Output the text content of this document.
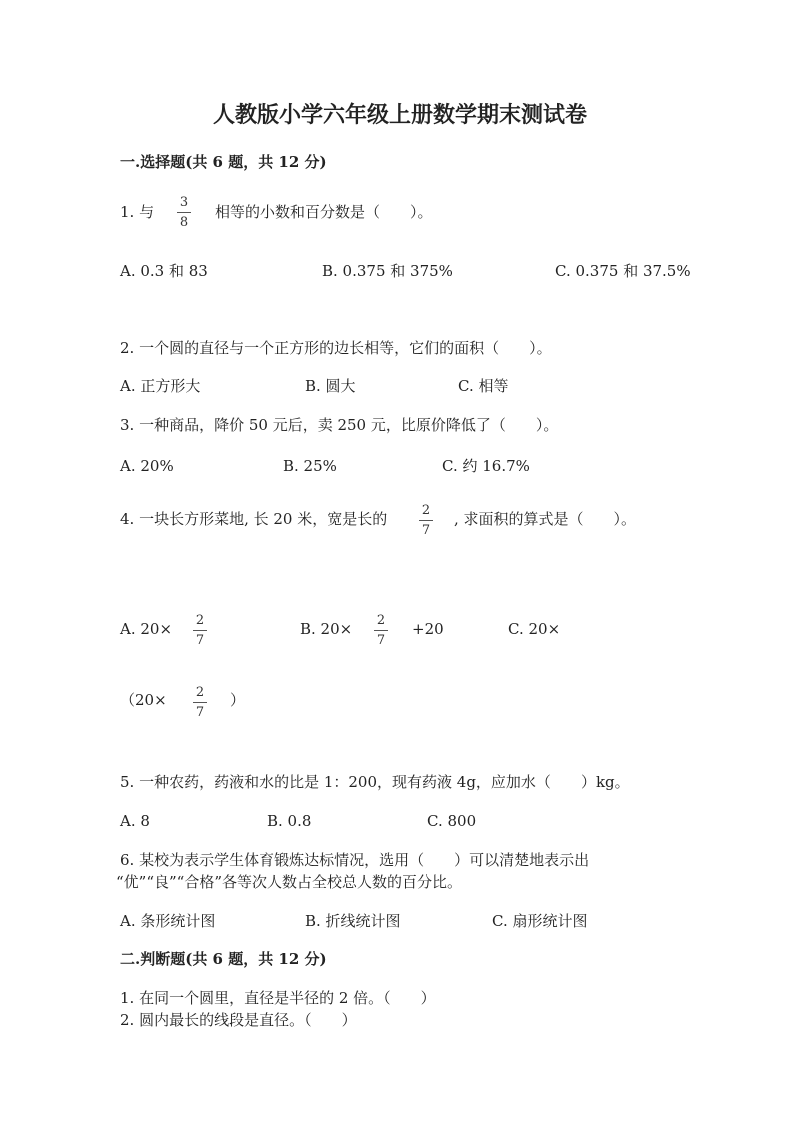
人教版小学六年级上册数学期末测试卷
一.选择题(共 6 题，共 12 分)
1. 与
3
8
相等的小数和百分数是（　　）。
A. 0.3 和 83	B. 0.375 和 375%	C. 0.375 和 37.5%
2. 一个圆的直径与一个正方形的边长相等，它们的面积（　　）。
A. 正方形大	B. 圆大	C. 相等
3. 一种商品，降价 50 元后，卖 250 元，比原价降低了（　　）。
A. 20%	B. 25%	C. 约 16.7%
4. 一块长方形菜地, 长 20 米，宽是长的	2
7
, 求面积的算式是（　　）。
A. 20× 2
7
B. 20× 2
7
+20	C. 20×
（20× 2
7
）
5. 一种农药，药液和水的比是 1：200，现有药液 4g，应加水（　　）kg。
A. 8	B. 0.8	C. 800
6. 某校为表示学生体育锻炼达标情况，选用（　　）可以清楚地表示出
“优”“良”“合格”各等次人数占全校总人数的百分比。
A. 条形统计图	B. 折线统计图	C. 扇形统计图
二.判断题(共 6 题，共 12 分)
1. 在同一个圆里，直径是半径的 2 倍。（　　）
2. 圆内最长的线段是直径。（　　）
